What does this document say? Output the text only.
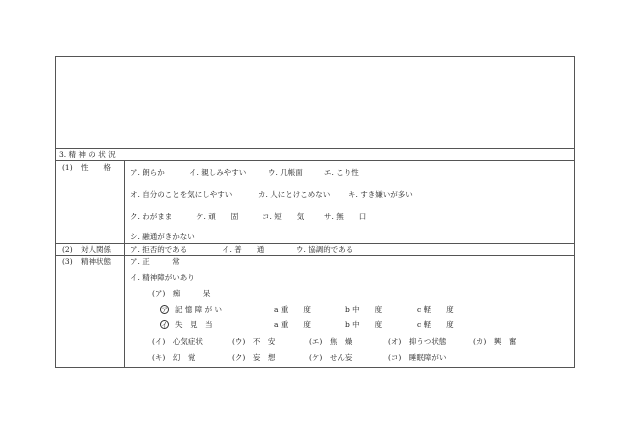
3. 精 神 の 状 況
(1) 性　　格
ア. 朗らか	イ. 親しみやすい	ウ. 几帳面	エ. こり性
オ. 自分のことを気にしやすい	カ. 人にとけこめない キ. すき嫌いが多い
ク. わがまま	ケ. 頑　　固	コ. 短　　気	サ. 無　　口
シ. 融通がきかない
(2) 対人関係	ア. 拒否的である	イ. 普　　通	ウ. 協調的である
(3) 精神状態	ア. 正　　　常
イ. 精神障がいあり
(ア)　痴　　　呆
ア 記 憶 障 が い	a 重　　度	b 中　　度	c 軽　　度
イ 失　見　当	a 重　　度	b 中　　度	c 軽　　度
(イ)　心気症状	(ウ)　不　安	(エ)　焦　燥	(オ)　抑うつ状態	(カ)　興　奮
(キ)　幻　覚	(ク)　妄　想	(ケ)　せん妄	(コ)　睡眠障がい
